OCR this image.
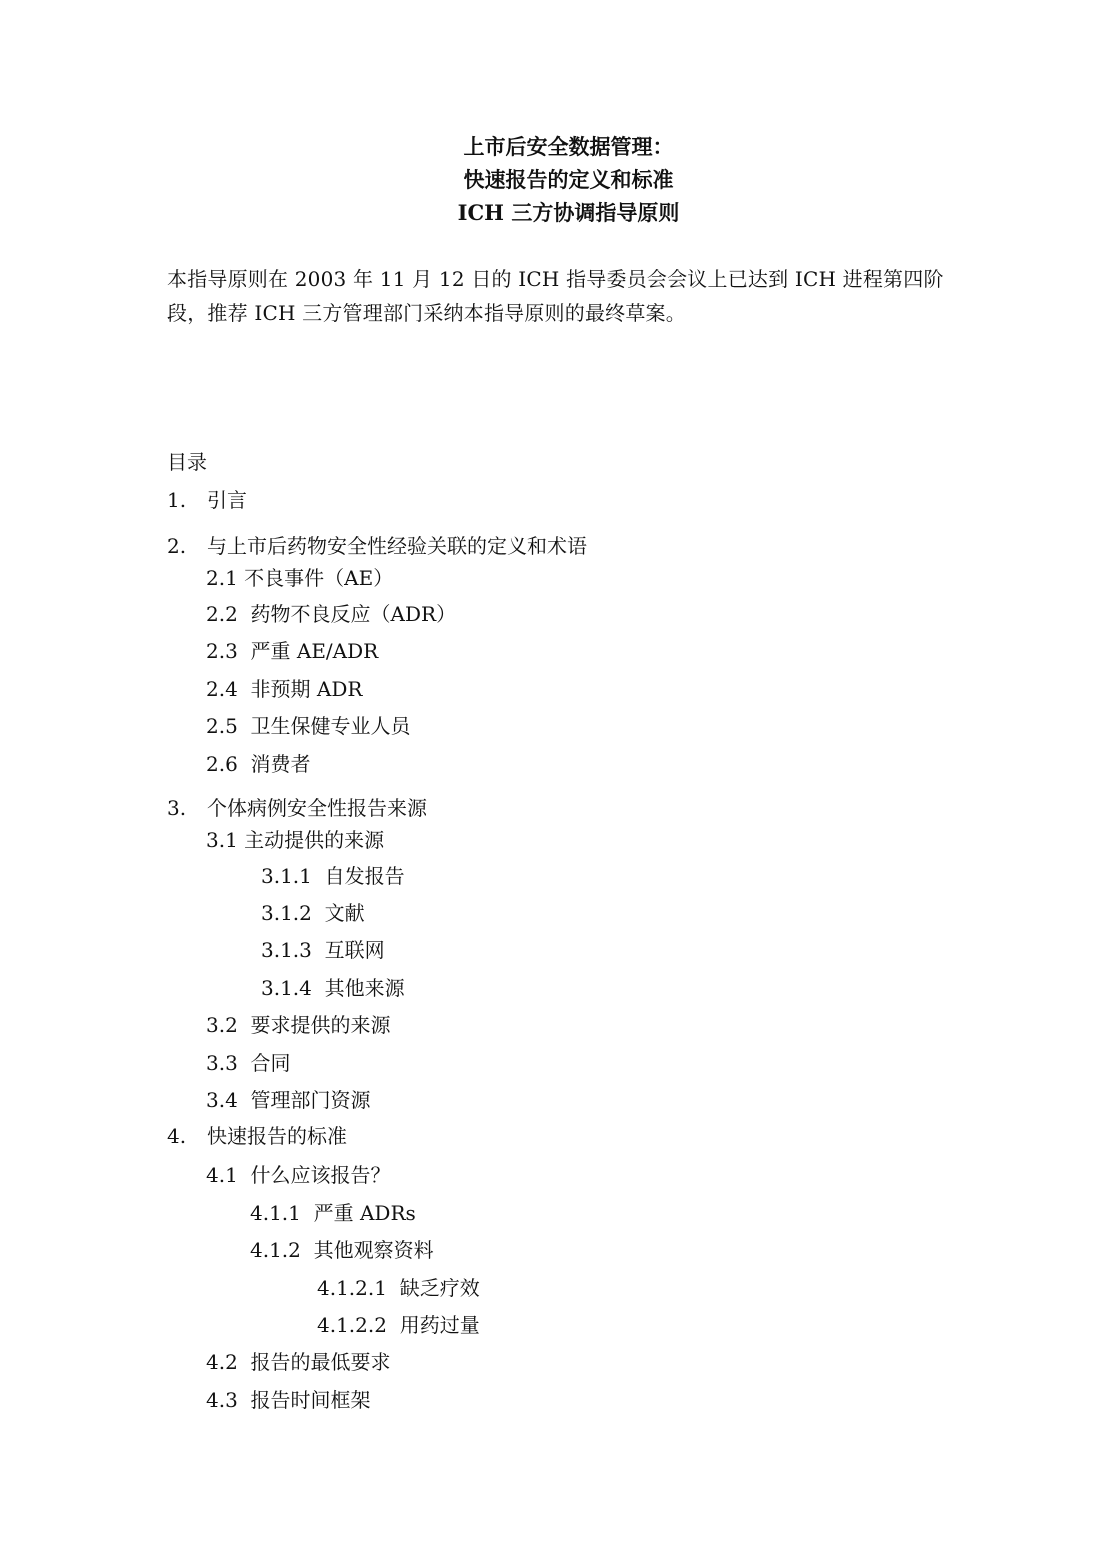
上市后安全数据管理：

快速报告的定义和标准

ICH 三方协调指导原则

本指导原则在 2003 年 11 月 12 日的 ICH 指导委员会会议上已达到 ICH 进程第四阶段，推荐 ICH 三方管理部门采纳本指导原则的最终草案。

目录

1. 引言
2. 与上市后药物安全性经验关联的定义和术语
2.1 不良事件（AE）
2.2 药物不良反应（ADR）
2.3 严重 AE/ADR
2.4 非预期 ADR
2.5 卫生保健专业人员
2.6 消费者
3. 个体病例安全性报告来源
3.1 主动提供的来源
3.1.1 自发报告
3.1.2 文献
3.1.3 互联网
3.1.4 其他来源
3.2 要求提供的来源
3.3 合同
3.4 管理部门资源
4. 快速报告的标准
4.1 什么应该报告？
4.1.1 严重 ADRs
4.1.2 其他观察资料
4.1.2.1 缺乏疗效
4.1.2.2 用药过量
4.2 报告的最低要求
4.3 报告时间框架
